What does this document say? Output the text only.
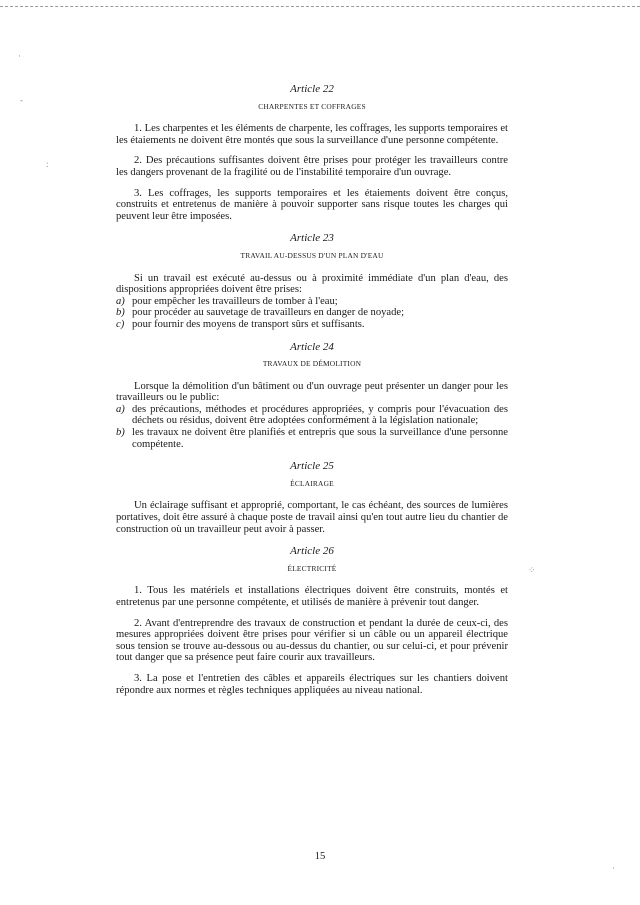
·
‑
:
⁘
·

Article 22

CHARPENTES ET COFFRAGES

1. Les charpentes et les éléments de charpente, les coffrages, les supports temporaires et les étaiements ne doivent être montés que sous la surveillance d'une personne compétente.

2. Des précautions suffisantes doivent être prises pour protéger les travailleurs contre les dangers provenant de la fragilité ou de l'instabilité temporaire d'un ouvrage.

3. Les coffrages, les supports temporaires et les étaiements doivent être conçus, construits et entretenus de manière à pouvoir supporter sans risque toutes les charges qui peuvent leur être imposées.

Article 23

TRAVAIL AU-DESSUS D'UN PLAN D'EAU

Si un travail est exécuté au-dessus ou à proximité immédiate d'un plan d'eau, des dispositions appropriées doivent être prises:

a) pour empêcher les travailleurs de tomber à l'eau;
b) pour procéder au sauvetage de travailleurs en danger de noyade;
c) pour fournir des moyens de transport sûrs et suffisants.

Article 24

TRAVAUX DE DÉMOLITION

Lorsque la démolition d'un bâtiment ou d'un ouvrage peut présenter un danger pour les travailleurs ou le public:

a) des précautions, méthodes et procédures appropriées, y compris pour l'évacuation des déchets ou résidus, doivent être adoptées conformément à la législation nationale;
b) les travaux ne doivent être planifiés et entrepris que sous la surveillance d'une personne compétente.

Article 25

ÉCLAIRAGE

Un éclairage suffisant et approprié, comportant, le cas échéant, des sources de lumières portatives, doit être assuré à chaque poste de travail ainsi qu'en tout autre lieu du chantier de construction où un travailleur peut avoir à passer.

Article 26

ÉLECTRICITÉ

1. Tous les matériels et installations électriques doivent être construits, montés et entretenus par une personne compétente, et utilisés de manière à prévenir tout danger.

2. Avant d'entreprendre des travaux de construction et pendant la durée de ceux-ci, des mesures appropriées doivent être prises pour vérifier si un câble ou un appareil électrique sous tension se trouve au-dessous ou au-dessus du chantier, ou sur celui-ci, et pour prévenir tout danger que sa présence peut faire courir aux travailleurs.

3. La pose et l'entretien des câbles et appareils électriques sur les chantiers doivent répondre aux normes et règles techniques appliquées au niveau national.

15
